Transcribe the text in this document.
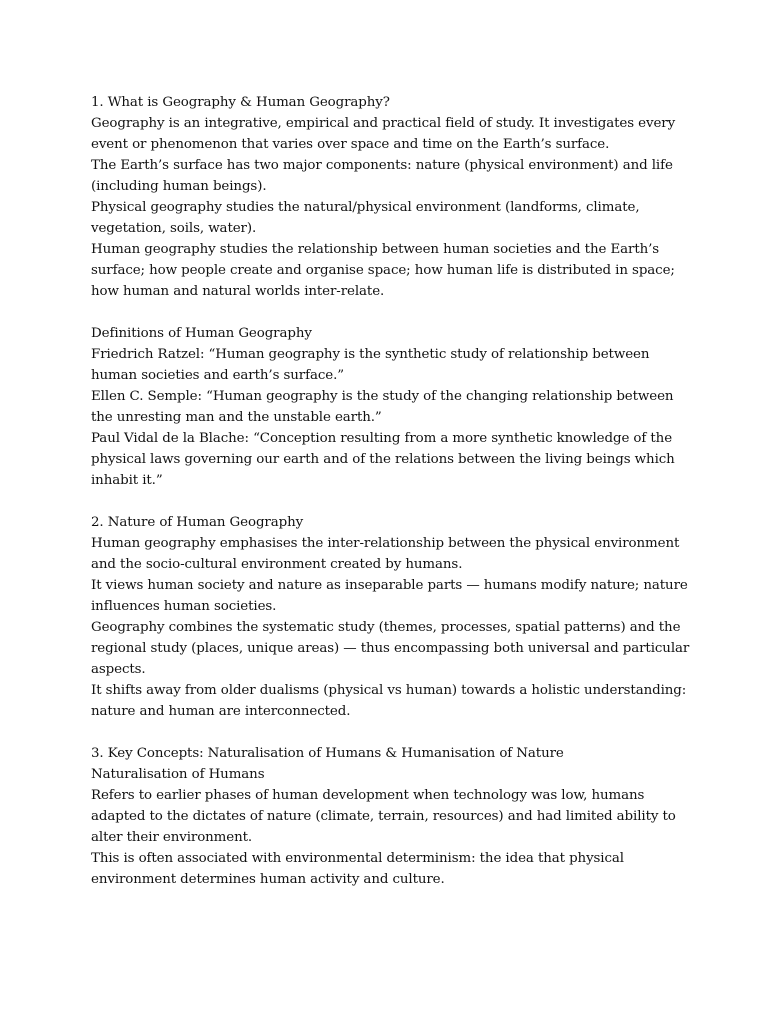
1. What is Geography & Human Geography?

Geography is an integrative, empirical and practical field of study. It investigates every event or phenomenon that varies over space and time on the Earth’s surface.

The Earth’s surface has two major components: nature (physical environment) and life (including human beings).

Physical geography studies the natural/physical environment (landforms, climate, vegetation, soils, water).

Human geography studies the relationship between human societies and the Earth’s surface; how people create and organise space; how human life is distributed in space; how human and natural worlds inter-relate.

Definitions of Human Geography

Friedrich Ratzel: “Human geography is the synthetic study of relationship between human societies and earth’s surface.”

Ellen C. Semple: “Human geography is the study of the changing relationship between the unresting man and the unstable earth.”

Paul Vidal de la Blache: “Conception resulting from a more synthetic knowledge of the physical laws governing our earth and of the relations between the living beings which inhabit it.”

2. Nature of Human Geography

Human geography emphasises the inter-relationship between the physical environment and the socio-cultural environment created by humans.

It views human society and nature as inseparable parts — humans modify nature; nature influences human societies.

Geography combines the systematic study (themes, processes, spatial patterns) and the regional study (places, unique areas) — thus encompassing both universal and particular aspects.

It shifts away from older dualisms (physical vs human) towards a holistic understanding: nature and human are interconnected.

3. Key Concepts: Naturalisation of Humans & Humanisation of Nature

Naturalisation of Humans

Refers to earlier phases of human development when technology was low, humans adapted to the dictates of nature (climate, terrain, resources) and had limited ability to alter their environment.

This is often associated with environmental determinism: the idea that physical environment determines human activity and culture.
